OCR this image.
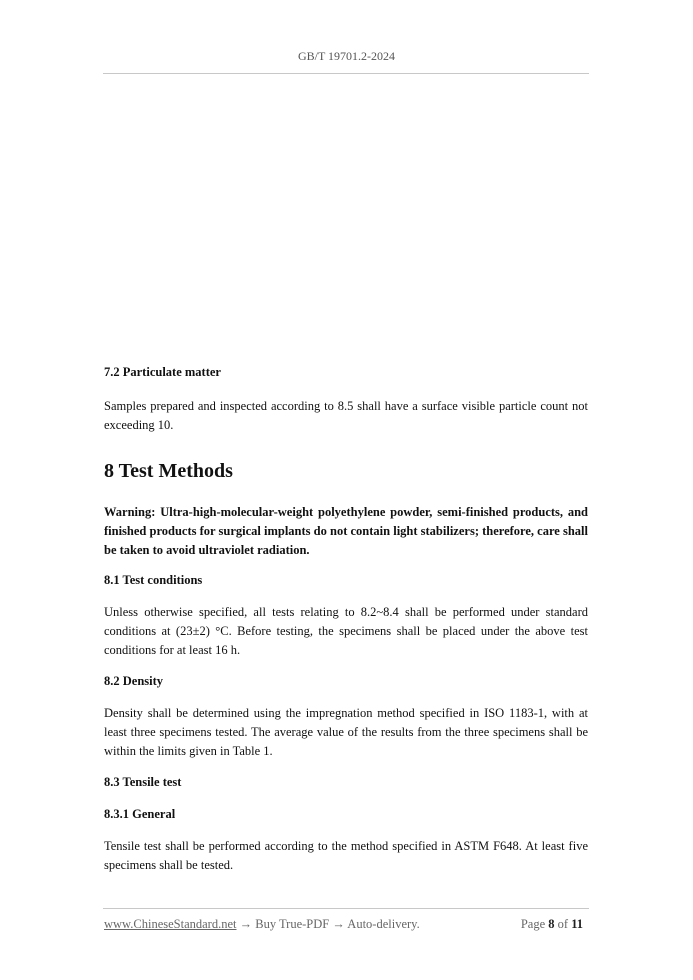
GB/T 19701.2-2024

7.2 Particulate matter

Samples prepared and inspected according to 8.5 shall have a surface visible particle count not exceeding 10.

8 Test Methods

Warning: Ultra-high-molecular-weight polyethylene powder, semi-finished products, and finished products for surgical implants do not contain light stabilizers; therefore, care shall be taken to avoid ultraviolet radiation.

8.1 Test conditions

Unless otherwise specified, all tests relating to 8.2~8.4 shall be performed under standard conditions at (23±2) °C. Before testing, the specimens shall be placed under the above test conditions for at least 16 h.

8.2 Density

Density shall be determined using the impregnation method specified in ISO 1183-1, with at least three specimens tested. The average value of the results from the three specimens shall be within the limits given in Table 1.

8.3 Tensile test

8.3.1 General

Tensile test shall be performed according to the method specified in ASTM F648. At least five specimens shall be tested.

www.ChineseStandard.net → Buy True-PDF → Auto-delivery.	Page 8 of 11
